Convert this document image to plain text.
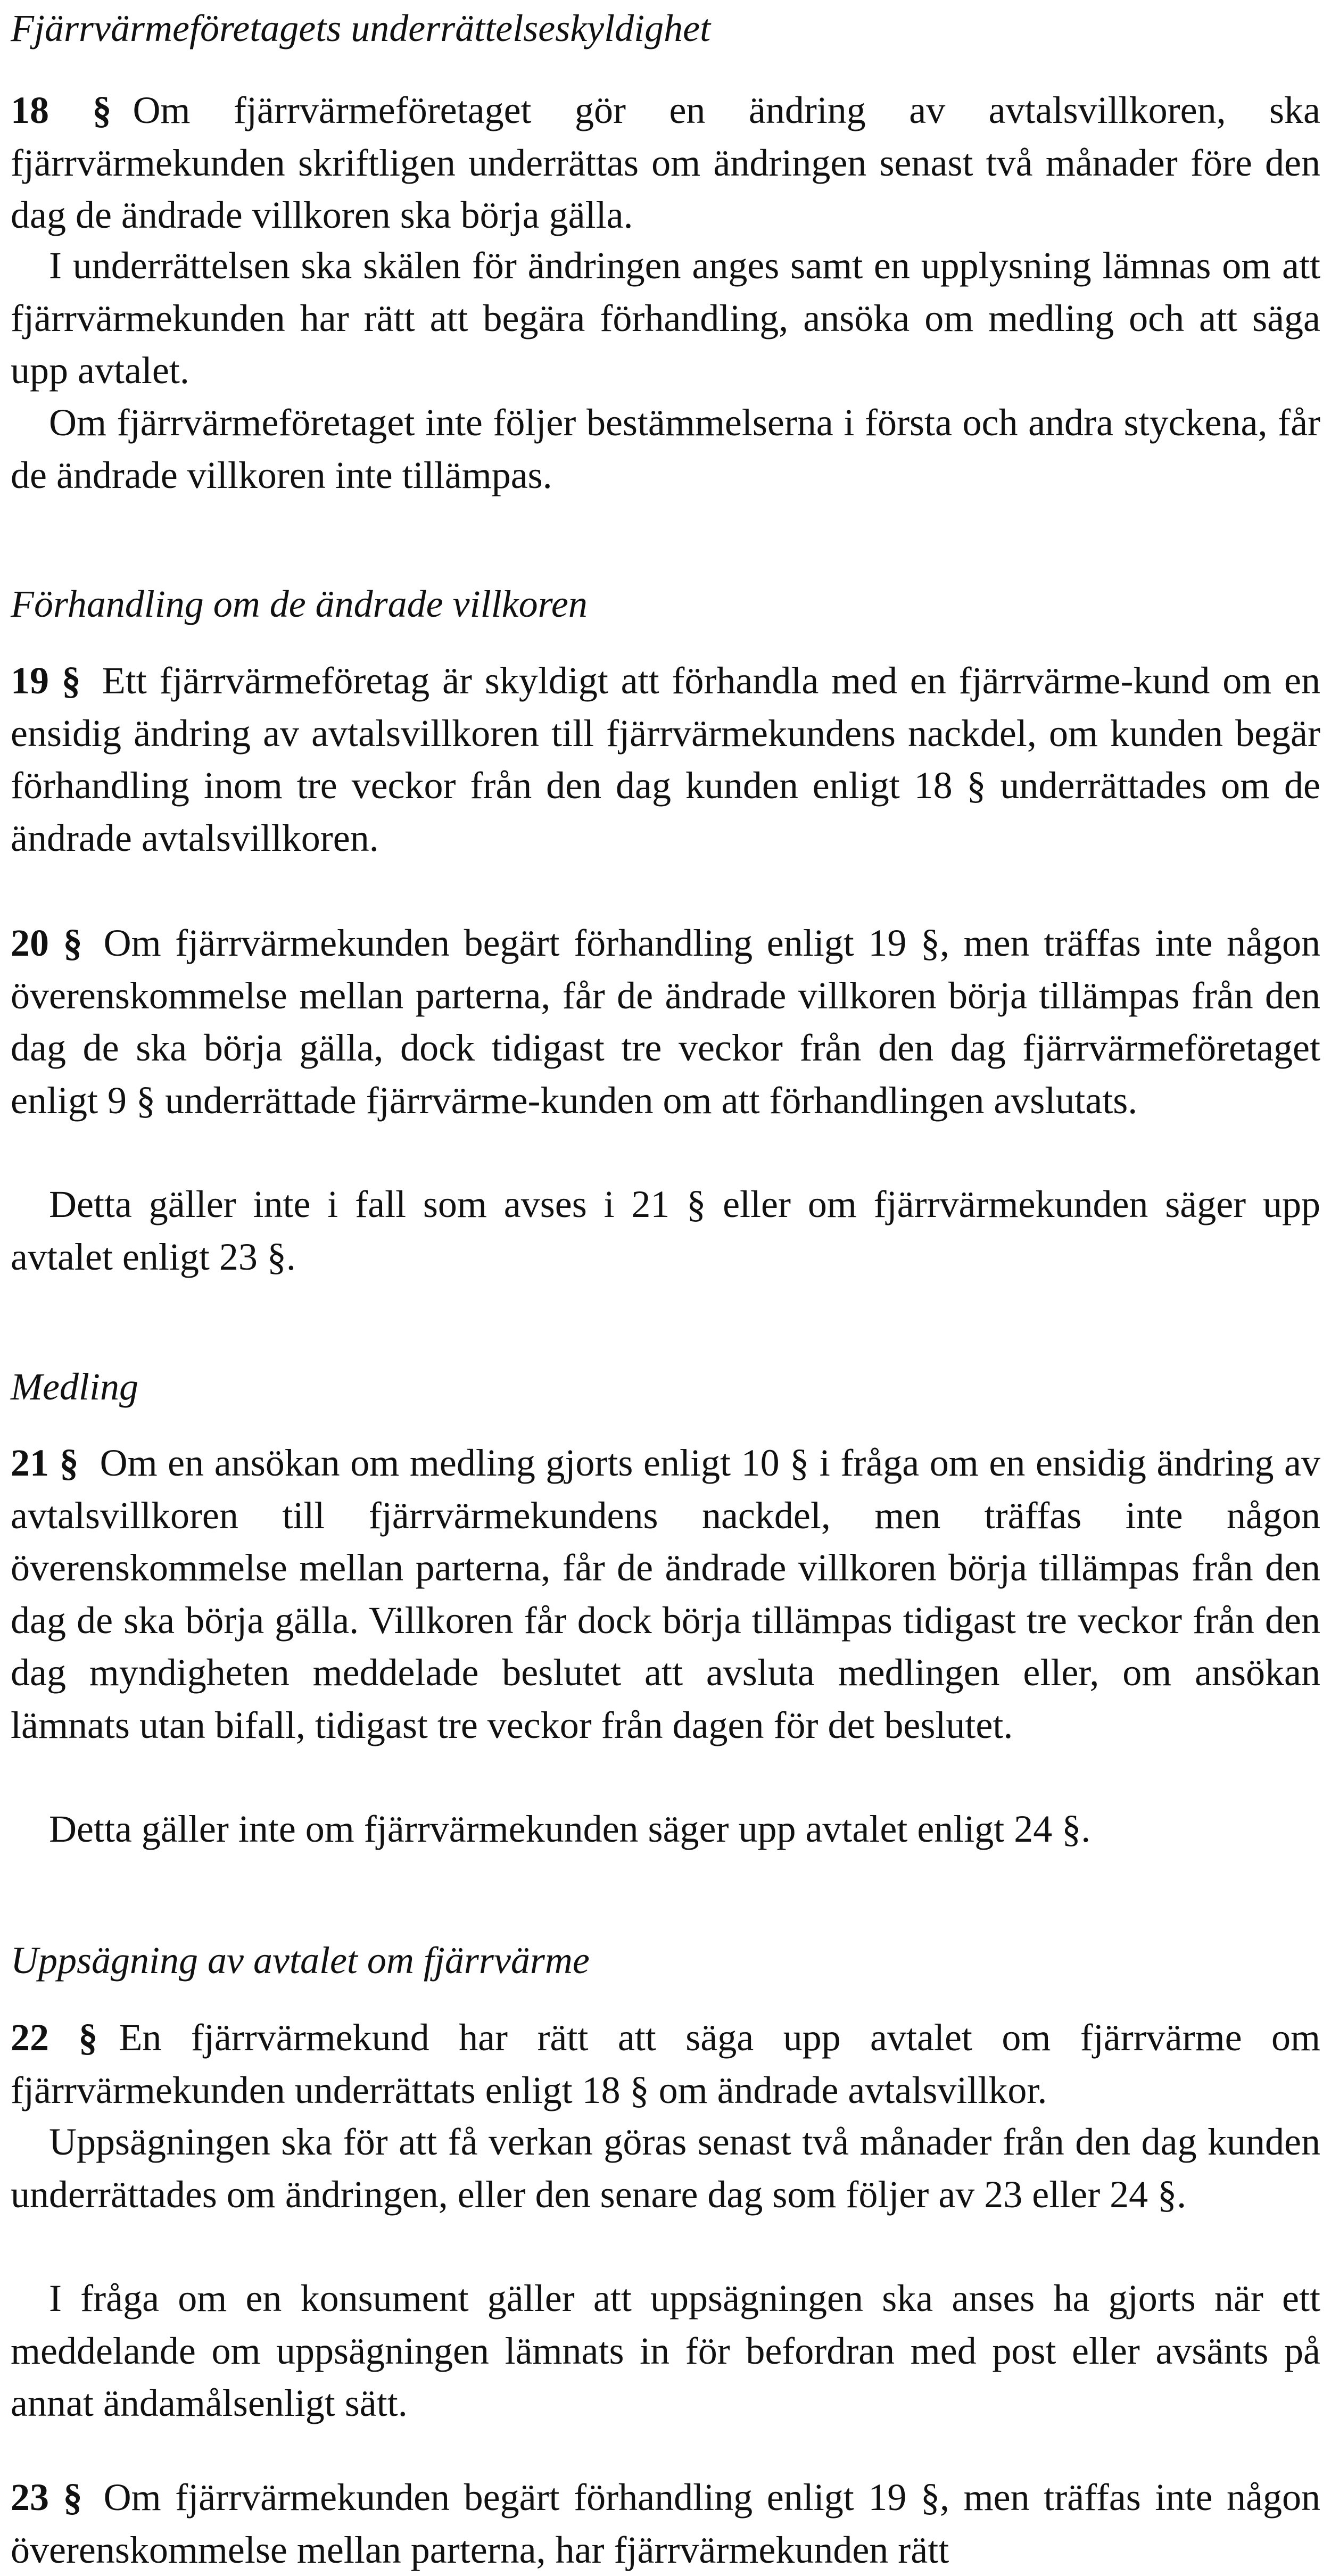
Fjärrvärmeföretagets underrättelseskyldighet

18 § Om fjärrvärmeföretaget gör en ändring av avtalsvillkoren, ska fjärrvärmekunden skriftligen underrättas om ändringen senast två månader före den dag de ändrade villkoren ska börja gälla.

I underrättelsen ska skälen för ändringen anges samt en upplysning lämnas om att fjärrvärmekunden har rätt att begära förhandling, ansöka om medling och att säga upp avtalet.

Om fjärrvärmeföretaget inte följer bestämmelserna i första och andra styckena, får de ändrade villkoren inte tillämpas.

Förhandling om de ändrade villkoren

19 § Ett fjärrvärmeföretag är skyldigt att förhandla med en fjärrvärme-kund om en ensidig ändring av avtalsvillkoren till fjärrvärmekundens nackdel, om kunden begär förhandling inom tre veckor från den dag kunden enligt 18 § underrättades om de ändrade avtalsvillkoren.

20 § Om fjärrvärmekunden begärt förhandling enligt 19 §, men träffas inte någon överenskommelse mellan parterna, får de ändrade villkoren börja tillämpas från den dag de ska börja gälla, dock tidigast tre veckor från den dag fjärrvärmeföretaget enligt 9 § underrättade fjärrvärme-kunden om att förhandlingen avslutats.

Detta gäller inte i fall som avses i 21 § eller om fjärrvärmekunden säger upp avtalet enligt 23 §.

Medling

21 § Om en ansökan om medling gjorts enligt 10 § i fråga om en ensidig ändring av avtalsvillkoren till fjärrvärmekundens nackdel, men träffas inte någon överenskommelse mellan parterna, får de ändrade villkoren börja tillämpas från den dag de ska börja gälla. Villkoren får dock börja tillämpas tidigast tre veckor från den dag myndigheten meddelade beslutet att avsluta medlingen eller, om ansökan lämnats utan bifall, tidigast tre veckor från dagen för det beslutet.

Detta gäller inte om fjärrvärmekunden säger upp avtalet enligt 24 §.

Uppsägning av avtalet om fjärrvärme

22 § En fjärrvärmekund har rätt att säga upp avtalet om fjärrvärme om fjärrvärmekunden underrättats enligt 18 § om ändrade avtalsvillkor.

Uppsägningen ska för att få verkan göras senast två månader från den dag kunden underrättades om ändringen, eller den senare dag som följer av 23 eller 24 §.

I fråga om en konsument gäller att uppsägningen ska anses ha gjorts när ett meddelande om uppsägningen lämnats in för befordran med post eller avsänts på annat ändamålsenligt sätt.

23 § Om fjärrvärmekunden begärt förhandling enligt 19 §, men träffas inte någon överenskommelse mellan parterna, har fjärrvärmekunden rätt
